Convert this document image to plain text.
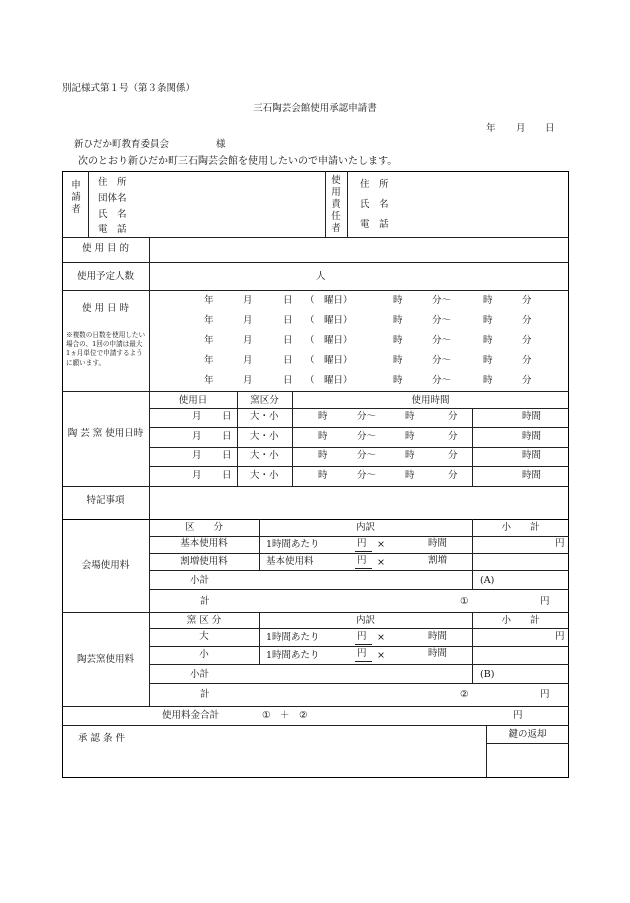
別記様式第１号（第３条関係）
三石陶芸会館使用承認申請書
年 月 日
新ひだか町教育委員会	様
次のとおり新ひだか町三石陶芸会館を使用したいので申請いたします。
申請者
住　所
団体名
氏　名
電　話
使用責任者
住　所
氏　名
電　話
使 用 目 的
使用予定人数	人
使 用 日 時
※複数の日数を使用したい場合の、1回の申請は最大1ヵ月単位で申請するように願います。
年	月	日 （　曜日）	時	分～	時	分
年	月	日 （　曜日）	時	分～	時	分
年	月	日 （　曜日）	時	分～	時	分
年	月	日 （　曜日）	時	分～	時	分
年	月	日 （　曜日）	時	分～	時	分
陶 芸 窯 使用日時
使用日	窯区分	使用時間
月 日 大・小	時	分～	時	分	時間
月 日 大・小	時	分～	時	分	時間
月 日 大・小	時	分～	時	分	時間
月 日 大・小	時	分～	時	分	時間
特記事項
会場使用料
区　　分	内訳	小　　計
基本使用料	1時間あたり	円 ×	時間	円
割増使用料	基本使用料	円 ×	割増
小計	(A)
計	①	円
陶芸窯使用料
窯 区 分	内訳	小　　計
大	1時間あたり	円 ×	時間	円
小	1時間あたり	円 ×	時間
小計	(B)
計	②	円
使用料金合計	①　＋　②	円
承 認 条 件	鍵の返却
